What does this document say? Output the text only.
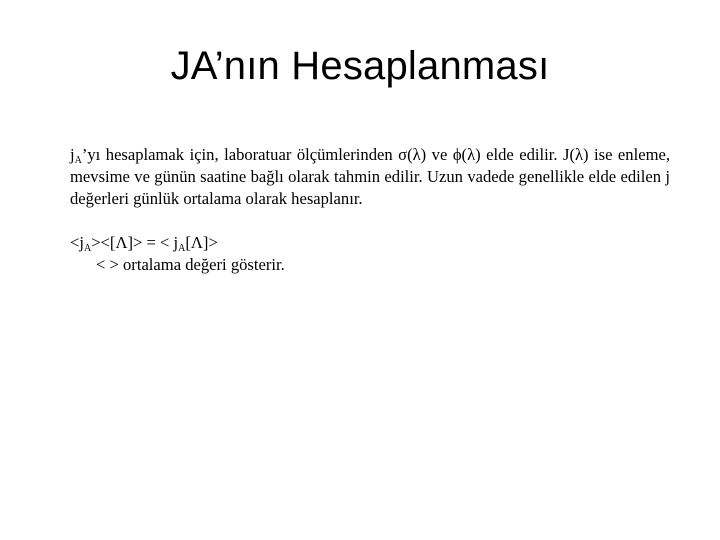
JA’nın Hesaplanması

$j_A’yı$ hesaplamak için, laboratuar ölçümlerinden σ(λ) ve ϕ(λ) elde edilir. J(λ) ise enleme, mevsime ve günün saatine bağlı olarak tahmin edilir. Uzun vadede genellikle elde edilen j değerleri günlük ortalama olarak hesaplanır.

$<j_A><[\Lambda]>$ = < $j_A[\Lambda]>$

< > ortalama değeri gösterir.
